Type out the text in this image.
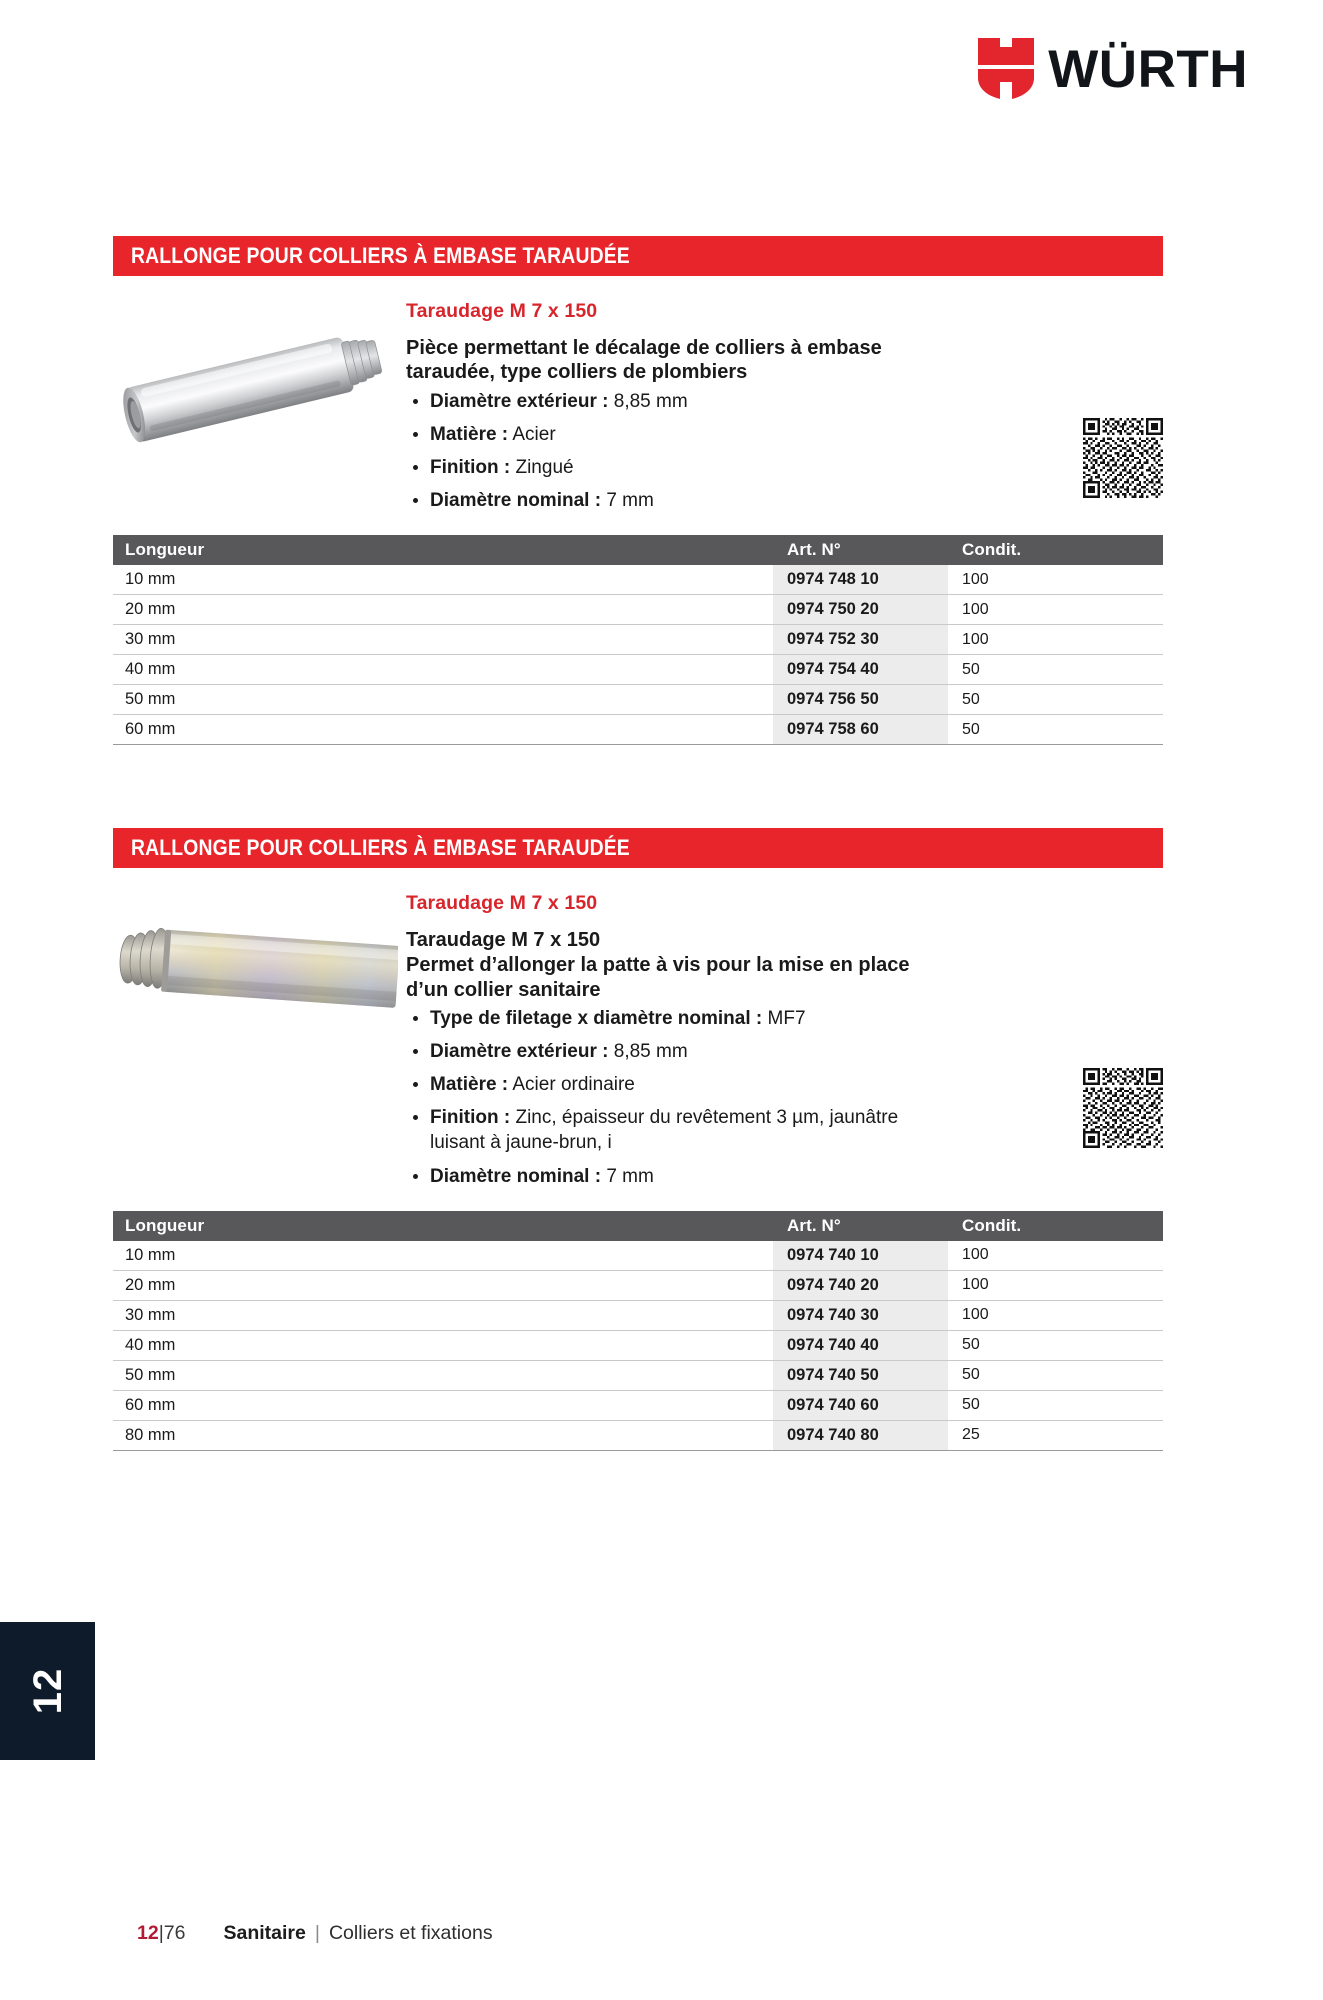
WÜRTH
RALLONGE POUR COLLIERS À EMBASE TARAUDÉE

Taraudage M 7 x 150

Pièce permettant le décalage de colliers à embase taraudée, type colliers de plombiers

Diamètre extérieur : 8,85 mm
Matière : Acier
Finition : Zingué
Diamètre nominal : 7 mm
Longueur	Art. N°	Condit.
10 mm	0974 748 10	100
20 mm	0974 750 20	100
30 mm	0974 752 30	100
40 mm	0974 754 40	50
50 mm	0974 756 50	50
60 mm	0974 758 60	50
RALLONGE POUR COLLIERS À EMBASE TARAUDÉE

Taraudage M 7 x 150

Taraudage M 7 x 150

Permet d’allonger la patte à vis pour la mise en place d’un collier sanitaire

Type de filetage x diamètre nominal : MF7
Diamètre extérieur : 8,85 mm
Matière : Acier ordinaire
Finition : Zinc, épaisseur du revêtement 3 µm, jaunâtre luisant à jaune-brun, i
Diamètre nominal : 7 mm
Longueur	Art. N°	Condit.
10 mm	0974 740 10	100
20 mm	0974 740 20	100
30 mm	0974 740 30	100
40 mm	0974 740 40	50
50 mm	0974 740 50	50
60 mm	0974 740 60	50
80 mm	0974 740 80	25
12
12 | 76 Sanitaire | Colliers et fixations
